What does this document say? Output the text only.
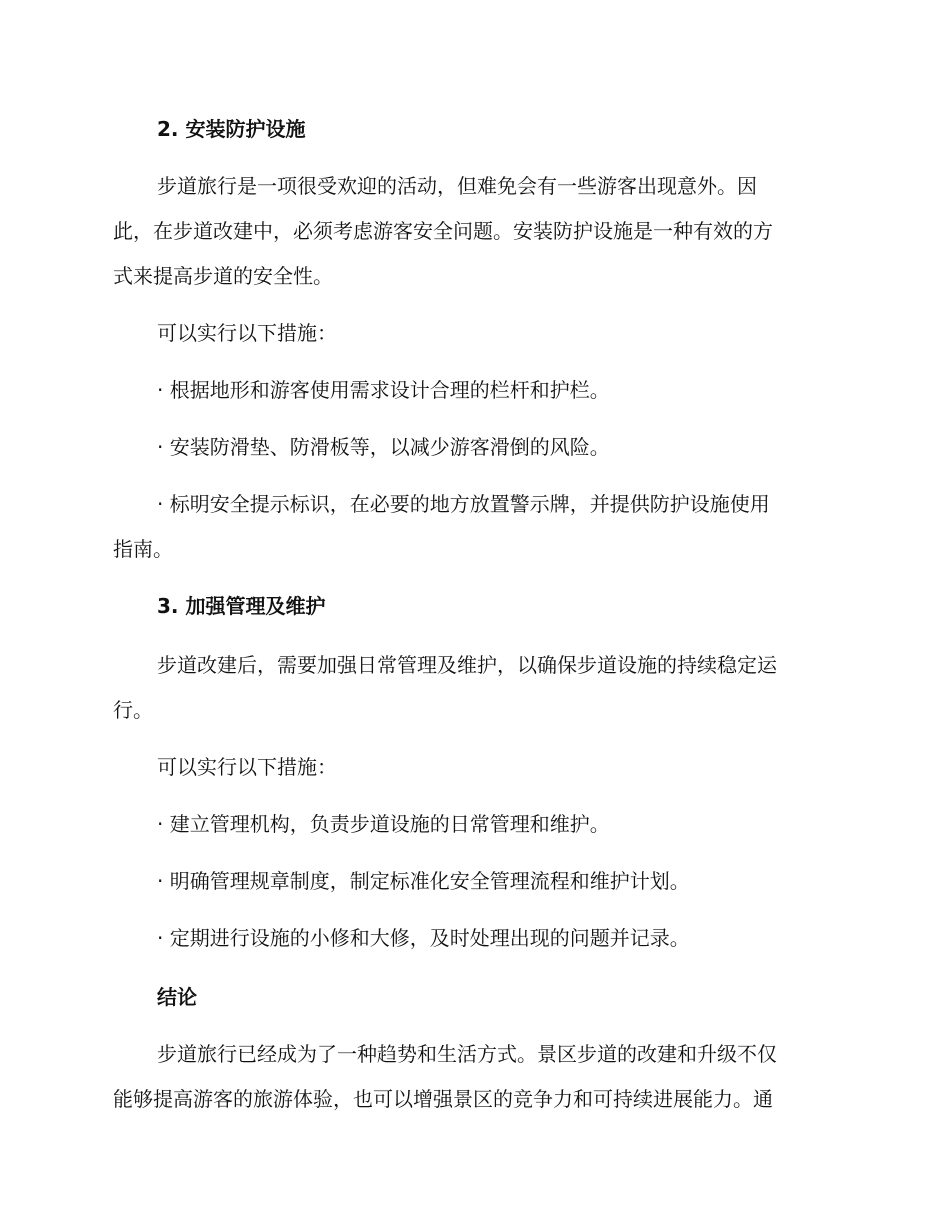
2. 安装防护设施

步道旅行是一项很受欢迎的活动，但难免会有一些游客出现意外。因

此，在步道改建中，必须考虑游客安全问题。安装防护设施是一种有效的方

式来提高步道的安全性。

可以实行以下措施：

· 根据地形和游客使用需求设计合理的栏杆和护栏。

· 安装防滑垫、防滑板等，以减少游客滑倒的风险。

· 标明安全提示标识，在必要的地方放置警示牌，并提供防护设施使用

指南。

3. 加强管理及维护

步道改建后，需要加强日常管理及维护，以确保步道设施的持续稳定运

行。

可以实行以下措施：

· 建立管理机构，负责步道设施的日常管理和维护。

· 明确管理规章制度，制定标准化安全管理流程和维护计划。

· 定期进行设施的小修和大修，及时处理出现的问题并记录。

结论

步道旅行已经成为了一种趋势和生活方式。景区步道的改建和升级不仅

能够提高游客的旅游体验，也可以增强景区的竞争力和可持续进展能力。通
